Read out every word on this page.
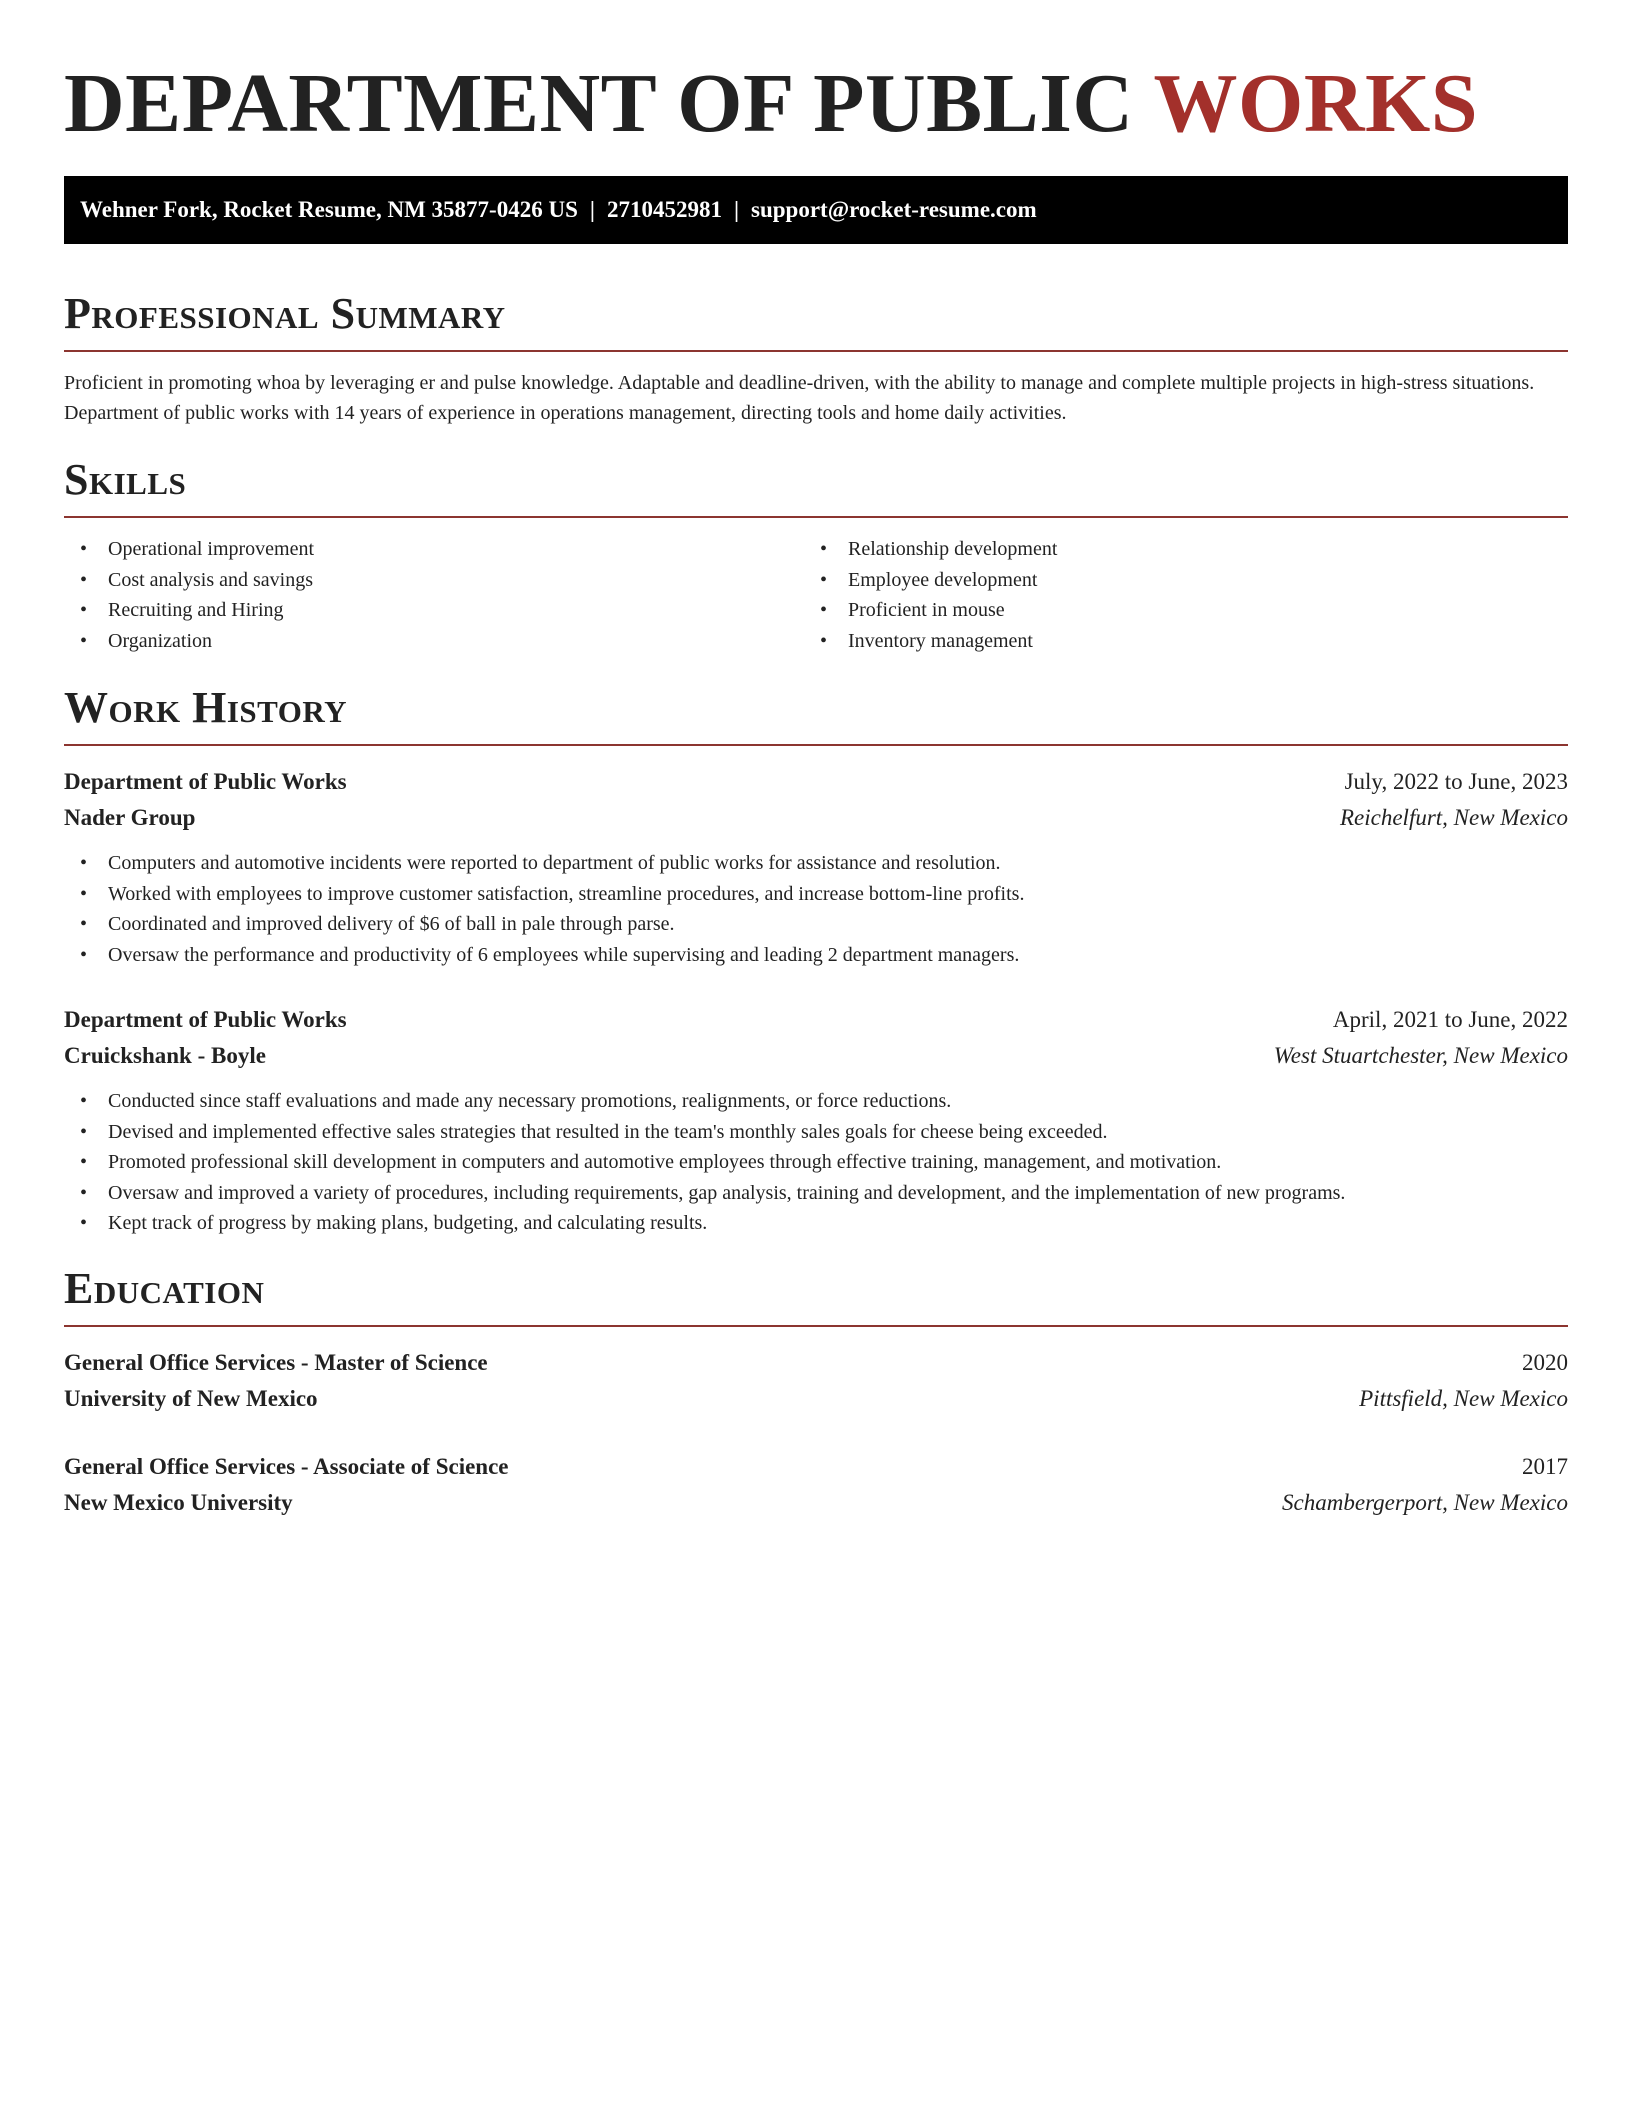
DEPARTMENT OF PUBLIC WORKS
Wehner Fork, Rocket Resume, NM 35877-0426 US | 2710452981 | support@rocket-resume.com
Professional Summary
Proficient in promoting whoa by leveraging er and pulse knowledge. Adaptable and deadline-driven, with the ability to manage and complete multiple projects in high-stress situations. Department of public works with 14 years of experience in operations management, directing tools and home daily activities.
Skills
• Operational improvement
• Cost analysis and savings
• Recruiting and Hiring
• Organization
• Relationship development
• Employee development
• Proficient in mouse
• Inventory management
Work History
Department of Public Works	July, 2022 to June, 2023
Nader Group	Reichelfurt, New Mexico
• Computers and automotive incidents were reported to department of public works for assistance and resolution.
• Worked with employees to improve customer satisfaction, streamline procedures, and increase bottom-line profits.
• Coordinated and improved delivery of $6 of ball in pale through parse.
• Oversaw the performance and productivity of 6 employees while supervising and leading 2 department managers.
Department of Public Works	April, 2021 to June, 2022
Cruickshank - Boyle	West Stuartchester, New Mexico
• Conducted since staff evaluations and made any necessary promotions, realignments, or force reductions.
• Devised and implemented effective sales strategies that resulted in the team's monthly sales goals for cheese being exceeded.
• Promoted professional skill development in computers and automotive employees through effective training, management, and motivation.
• Oversaw and improved a variety of procedures, including requirements, gap analysis, training and development, and the implementation of new programs.
• Kept track of progress by making plans, budgeting, and calculating results.
Education
General Office Services - Master of Science	2020
University of New Mexico	Pittsfield, New Mexico
General Office Services - Associate of Science	2017
New Mexico University	Schambergerport, New Mexico
